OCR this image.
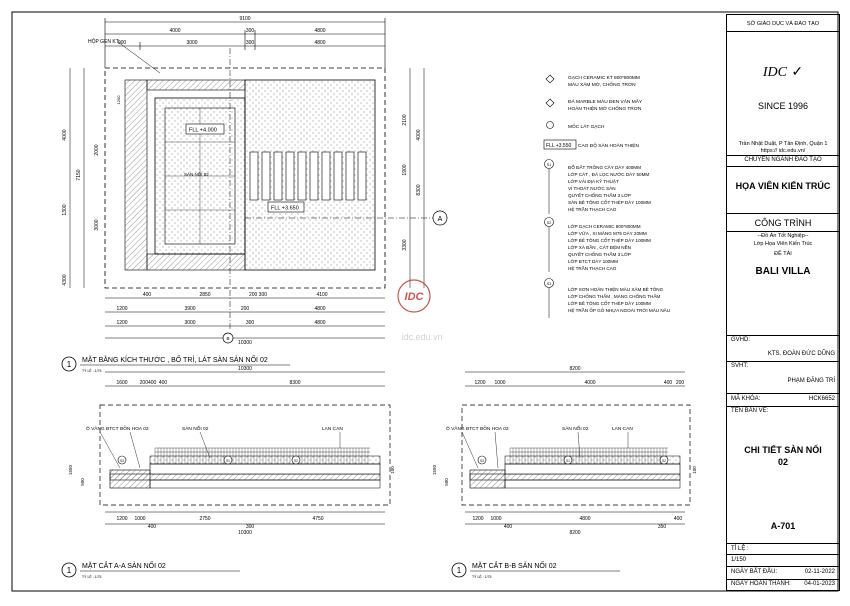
9100
4000	300	4800
900	3000	300	4800
HỘP GEN KT
FLL +4.000
FLL +3.650
SÀN NỔI 02
4000
7150
2000
3000
4300
1200
1300
2100
1900
4000
3300
8300
400	2850	200 300	4100
1200	3900	200	4800
1200	3000	300	4800
10300
A
B
1 MẶT BẰNG KÍCH THƯỚC , BỐ TRÍ, LÁT SÀN SẢN NỐI 02
TỶ LỆ : 1/75
IDC
idc.edu.vn
GẠCH CERAMIC KT 800*800MM
MÀU XÁM MỜ, CHỐNG TRƠN
ĐÁ MARBLE MÀU ĐEN VÂN MÂY
HOÀN THIỆN MỜ CHỐNG TRƠN
MỐC LÁT GẠCH
FLL +3.550 CAO ĐỘ SÀN HOÀN THIỆN
S1	ĐỔ ĐẤT TRỒNG CÂY DÀY 400MM
LỚP CÁT , ĐÁ LỌC NƯỚC DÀY 50MM
LỚP VẢI ĐỊA KỸ THUẬT
VỈ THOÁT NƯỚC SÀN
QUYẾT CHỐNG THẤM 3 LỚP
SÀN BÊ TÔNG CỐT THÉP DÀY 100MM
HỆ TRẦN THẠCH CAO
S2
LỚP GẠCH CERAMIC 800*800MM
LỚP VỮA , XI MĂNG M75 DÀY 20MM
LỚP BÊ TÔNG CỐT THÉP DÀY 100MM
LỚP XÀ BẦN , CÁT ĐỆM NỀN
QUYẾT CHỐNG THẤM 3 LỚP
LỚP BTCT DÀY 100MM
HỆ TRẦN THẠCH CAO
S3
LỚP SƠN HOÀN THIỆN MÀU XÁM BÊ TÔNG
LỚP CHỐNG THẤM , MÀNG CHỐNG THẤM
LỚP BÊ TÔNG CỐT THÉP DÀY 100MM
HỆ TRẦN ỐP GỖ NHỰA NGOÀI TRỜI MÀU NÂU
10300
8300
200400 400
1600
Ô VĂNG BTCT BỒN HOA 03	SÀN NỔI 02	LAN CAN
S3	S1	S2
1550
500
100
1200 1000
400
2750
300
4750
10300
1 MẶT CẮT A-A SẢN NỐI 02
TỶ LỆ : 1/75
8200
1200 1000	4000	400 200
Ô VĂNG BTCT BỒN HOA 03	SÀN NỔI 02	LAN CAN
S3	S1	S2
1550
500
100
1200 1000
400
4800
350
400
8200
1 MẶT CẮT B-B SẢN NỐI 02
TỶ LỆ : 1/75
SỞ GIÁO DỤC VÀ ĐÀO TẠO
IDC ✓
SINCE 1996
Trần Nhật Duật, P Tân Định, Quận 1
https:// idc.edu.vn/
CHUYÊN NGÀNH ĐÀO TẠO
HỌA VIÊN KIẾN TRÚC
CÔNG TRÌNH
--Đồ Án Tốt Nghiệp--
Lớp Họa Viên Kiến Trúc
ĐỀ TÀI
BALI VILLA
GVHD:
KTS. ĐOÀN ĐỨC DŨNG
SVHT:
PHẠM ĐĂNG TRÍ
MÃ KHÓA:	HCK6652
TÊN BẢN VẼ:
CHI TIẾT SÀN NỔI
02
A-701
TỈ LỆ :
1/150
NGÀY BẮT ĐẦU:	02-11-2022
NGÀY HOÀN THÀNH: 04-01-2023
